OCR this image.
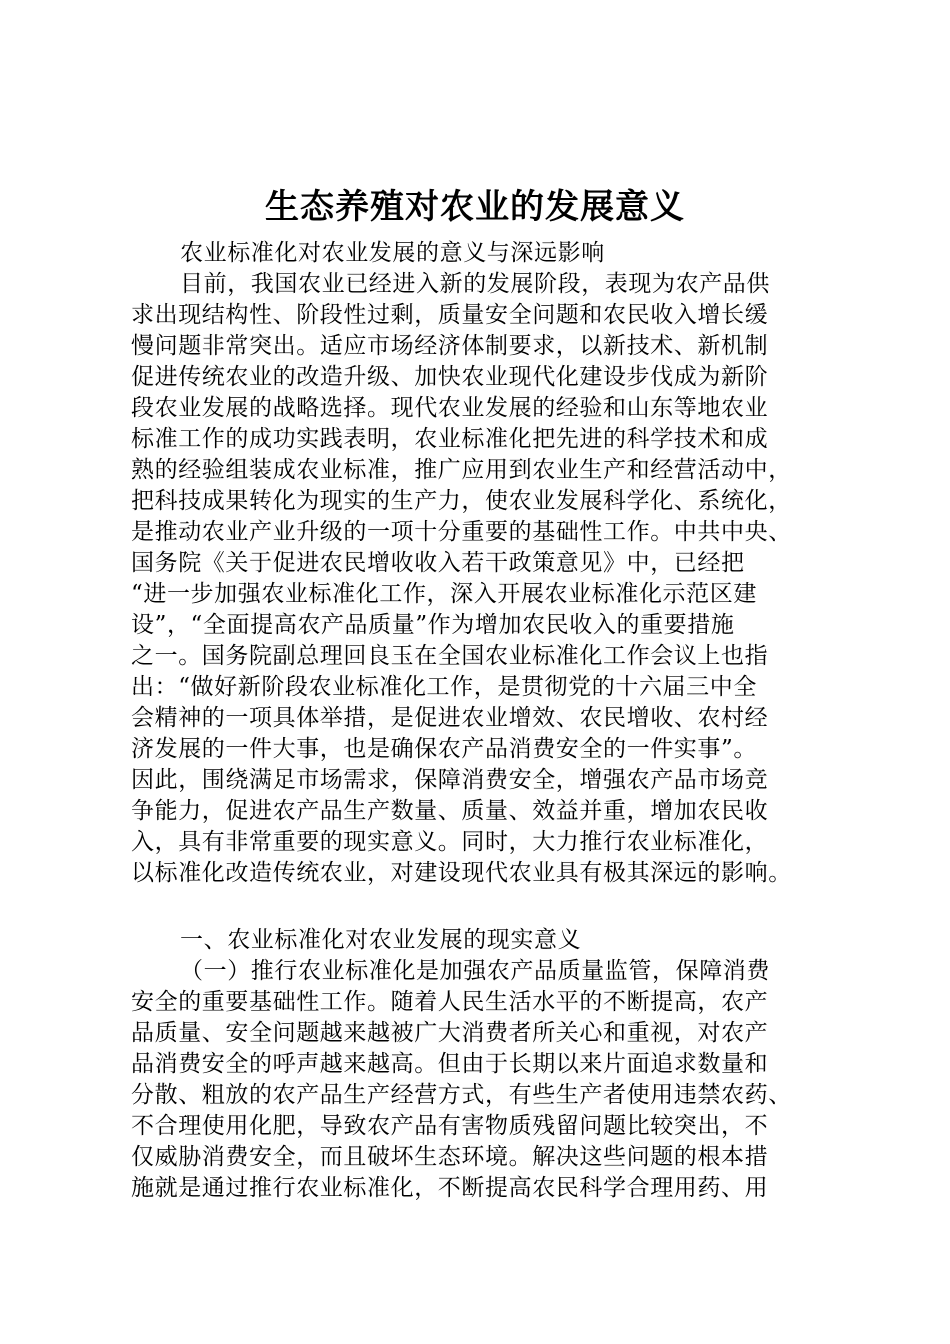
生态养殖对农业的发展意义
农业标准化对农业发展的意义与深远影响
目前，我国农业已经进入新的发展阶段，表现为农产品供
求出现结构性、阶段性过剩，质量安全问题和农民收入增长缓
慢问题非常突出。适应市场经济体制要求，以新技术、新机制
促进传统农业的改造升级、加快农业现代化建设步伐成为新阶
段农业发展的战略选择。现代农业发展的经验和山东等地农业
标准工作的成功实践表明，农业标准化把先进的科学技术和成
熟的经验组装成农业标准，推广应用到农业生产和经营活动中，
把科技成果转化为现实的生产力，使农业发展科学化、系统化，
是推动农业产业升级的一项十分重要的基础性工作。中共中央、
国务院《关于促进农民增收收入若干政策意见》中，已经把
“进一步加强农业标准化工作，深入开展农业标准化示范区建
设”，“全面提高农产品质量”作为增加农民收入的重要措施
之一。国务院副总理回良玉在全国农业标准化工作会议上也指
出：“做好新阶段农业标准化工作，是贯彻党的十六届三中全
会精神的一项具体举措，是促进农业增效、农民增收、农村经
济发展的一件大事，也是确保农产品消费安全的一件实事”。
因此，围绕满足市场需求，保障消费安全，增强农产品市场竞
争能力，促进农产品生产数量、质量、效益并重，增加农民收
入，具有非常重要的现实意义。同时，大力推行农业标准化，
以标准化改造传统农业，对建设现代农业具有极其深远的影响。
一、农业标准化对农业发展的现实意义
（一）推行农业标准化是加强农产品质量监管，保障消费
安全的重要基础性工作。随着人民生活水平的不断提高，农产
品质量、安全问题越来越被广大消费者所关心和重视，对农产
品消费安全的呼声越来越高。但由于长期以来片面追求数量和
分散、粗放的农产品生产经营方式，有些生产者使用违禁农药、
不合理使用化肥，导致农产品有害物质残留问题比较突出，不
仅威胁消费安全，而且破坏生态环境。解决这些问题的根本措
施就是通过推行农业标准化，不断提高农民科学合理用药、用
